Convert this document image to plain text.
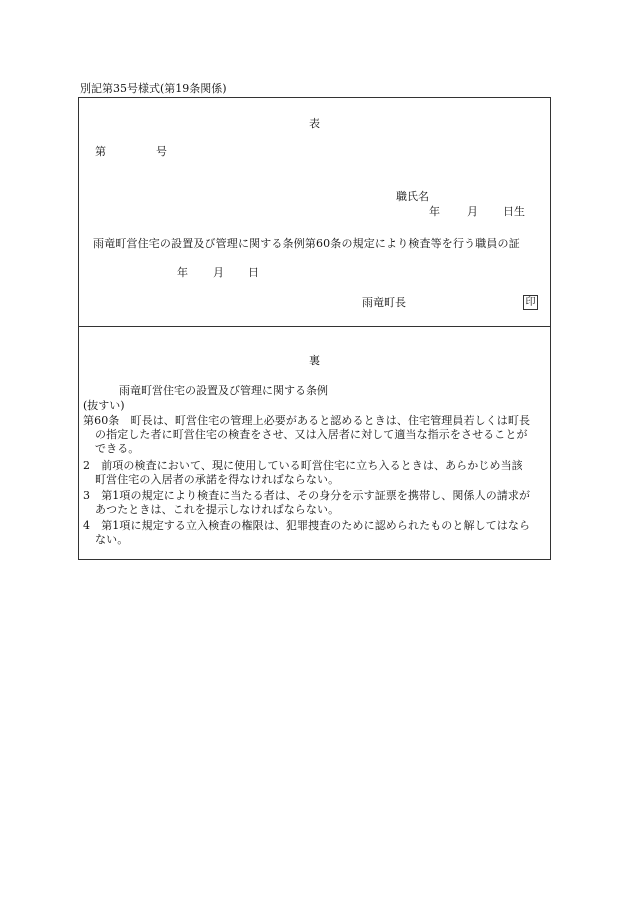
別記第35号様式(第19条関係)
表
第	号
職氏名
年 月 日生
雨竜町営住宅の設置及び管理に関する条例第60条の規定により検査等を行う職員の証
年 月 日
雨竜町長	印
裏
雨竜町営住宅の設置及び管理に関する条例
(抜すい)
第60条　町長は、町営住宅の管理上必要があると認めるときは、住宅管理員若しくは町長
の指定した者に町営住宅の検査をさせ、又は入居者に対して適当な指示をさせることが
できる。
2　前項の検査において、現に使用している町営住宅に立ち入るときは、あらかじめ当該
町営住宅の入居者の承諾を得なければならない。
3　第1項の規定により検査に当たる者は、その身分を示す証票を携帯し、関係人の請求が
あつたときは、これを提示しなければならない。
4　第1項に規定する立入検査の権限は、犯罪捜査のために認められたものと解してはなら
ない。
